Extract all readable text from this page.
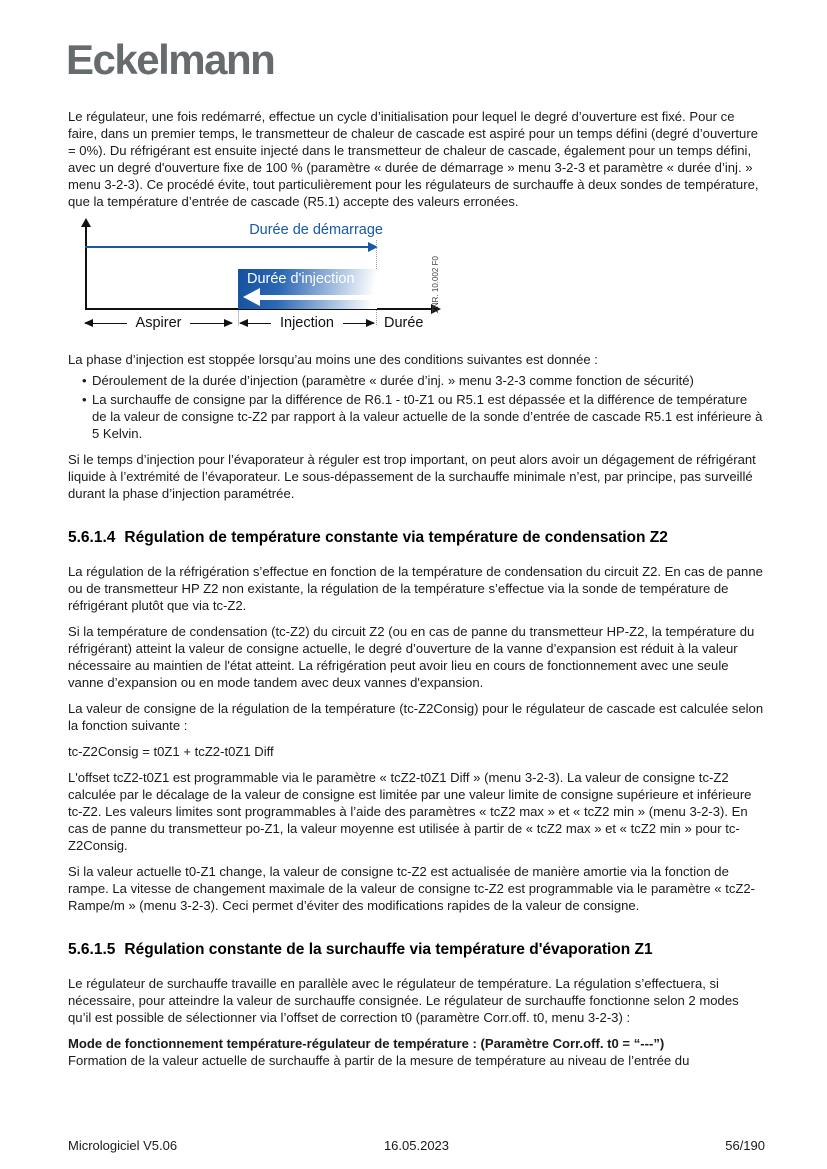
Eckelmann

Le régulateur, une fois redémarré, effectue un cycle d’initialisation pour lequel le degré d’ouverture est fixé. Pour ce faire, dans un premier temps, le transmetteur de chaleur de cascade est aspiré pour un temps défini (degré d’ouverture = 0%). Du réfrigérant est ensuite injecté dans le transmetteur de chaleur de cascade, également pour un temps défini, avec un degré d'ouverture fixe de 100 % (paramètre « durée de démarrage » menu 3-2-3 et paramètre « durée d’inj. » menu 3-2-3). Ce procédé évite, tout particulièrement pour les régulateurs de surchauffe à deux sondes de température, que la température d’entrée de cascade (R5.1) accepte des valeurs erronées.

Durée de démarrage
Durée d'injection
Aspirer	Injection	Durée
ZNR. 10.002 F0

La phase d’injection est stoppée lorsqu’au moins une des conditions suivantes est donnée :

• Déroulement de la durée d’injection (paramètre « durée d’inj. » menu 3-2-3 comme fonction de sécurité)
• La surchauffe de consigne par la différence de R6.1 - t0-Z1 ou R5.1 est dépassée et la différence de température de la valeur de consigne tc-Z2 par rapport à la valeur actuelle de la sonde d’entrée de cascade R5.1 est inférieure à 5 Kelvin.

Si le temps d’injection pour l’évaporateur à réguler est trop important, on peut alors avoir un dégagement de réfrigérant liquide à l’extrémité de l’évaporateur. Le sous-dépassement de la surchauffe minimale n’est, par principe, pas surveillé durant la phase d’injection paramétrée.

5.6.1.4 Régulation de température constante via température de condensation Z2

La régulation de la réfrigération s’effectue en fonction de la température de condensation du circuit Z2. En cas de panne ou de transmetteur HP Z2 non existante, la régulation de la température s’effectue via la sonde de température de réfrigérant plutôt que via tc-Z2.

Si la température de condensation (tc-Z2) du circuit Z2 (ou en cas de panne du transmetteur HP-Z2, la température du réfrigérant) atteint la valeur de consigne actuelle, le degré d’ouverture de la vanne d’expansion est réduit à la valeur nécessaire au maintien de l'état atteint. La réfrigération peut avoir lieu en cours de fonctionnement avec une seule vanne d’expansion ou en mode tandem avec deux vannes d'expansion.

La valeur de consigne de la régulation de la température (tc-Z2Consig) pour le régulateur de cascade est calculée selon la fonction suivante :

tc-Z2Consig = t0Z1 + tcZ2-t0Z1 Diff

L'offset tcZ2-t0Z1 est programmable via le paramètre « tcZ2-t0Z1 Diff » (menu 3-2-3). La valeur de consigne tc-Z2 calculée par le décalage de la valeur de consigne est limitée par une valeur limite de consigne supérieure et inférieure tc-Z2. Les valeurs limites sont programmables à l’aide des paramètres « tcZ2 max » et « tcZ2 min » (menu 3-2-3). En cas de panne du transmetteur po-Z1, la valeur moyenne est utilisée à partir de « tcZ2 max » et « tcZ2 min » pour tc-Z2Consig.

Si la valeur actuelle t0-Z1 change, la valeur de consigne tc-Z2 est actualisée de manière amortie via la fonction de rampe. La vitesse de changement maximale de la valeur de consigne tc-Z2 est programmable via le paramètre « tcZ2-Rampe/m » (menu 3-2-3). Ceci permet d’éviter des modifications rapides de la valeur de consigne.

5.6.1.5 Régulation constante de la surchauffe via température d'évaporation Z1

Le régulateur de surchauffe travaille en parallèle avec le régulateur de température. La régulation s’effectuera, si nécessaire, pour atteindre la valeur de surchauffe consignée. Le régulateur de surchauffe fonctionne selon 2 modes qu’il est possible de sélectionner via l’offset de correction t0 (paramètre Corr.off. t0, menu 3-2-3) :

Mode de fonctionnement température-régulateur de température : (Paramètre Corr.off. t0 = “---”)
Formation de la valeur actuelle de surchauffe à partir de la mesure de température au niveau de l’entrée du

Micrologiciel V5.06	16.05.2023	56/190
